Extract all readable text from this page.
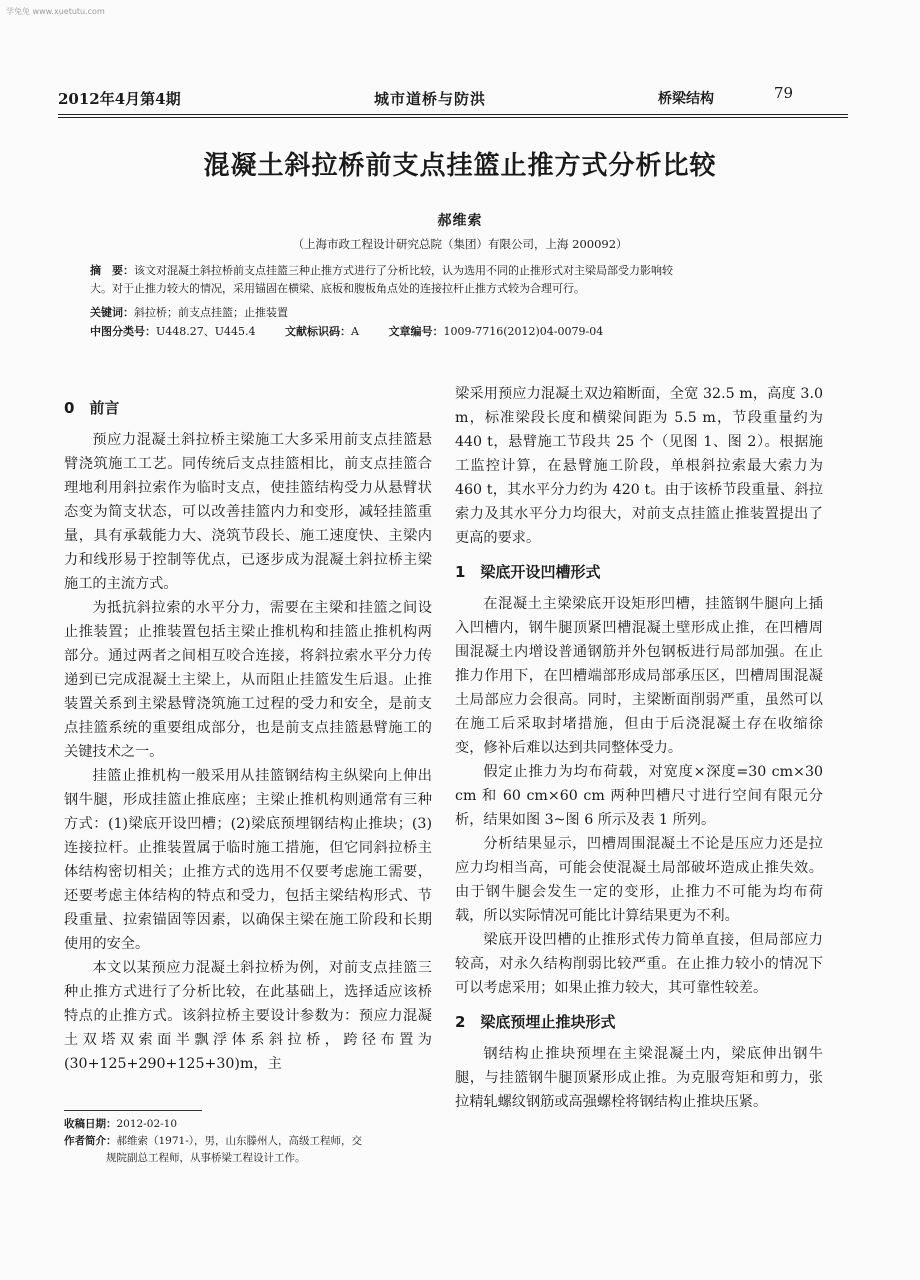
学兔兔 www.xuetutu.com
2012年4月第4期	城市道桥与防洪	桥梁结构	79
混凝土斜拉桥前支点挂篮止推方式分析比较
郝维索
（上海市政工程设计研究总院（集团）有限公司，上海 200092）
摘　要：该文对混凝土斜拉桥前支点挂篮三种止推方式进行了分析比较，认为选用不同的止推形式对主梁局部受力影响较
大。对于止推力较大的情况，采用锚固在横梁、底板和腹板角点处的连接拉杆止推方式较为合理可行。
关键词：斜拉桥；前支点挂篮；止推装置
中图分类号：U448.27、U445.4	文献标识码：A	文章编号：1009-7716(2012)04-0079-04
0　前言

预应力混凝土斜拉桥主梁施工大多采用前支点挂篮悬臂浇筑施工工艺。同传统后支点挂篮相比，前支点挂篮合理地利用斜拉索作为临时支点，使挂篮结构受力从悬臂状态变为简支状态，可以改善挂篮内力和变形，减轻挂篮重量，具有承载能力大、浇筑节段长、施工速度快、主梁内力和线形易于控制等优点，已逐步成为混凝土斜拉桥主梁施工的主流方式。

为抵抗斜拉索的水平分力，需要在主梁和挂篮之间设止推装置；止推装置包括主梁止推机构和挂篮止推机构两部分。通过两者之间相互咬合连接，将斜拉索水平分力传递到已完成混凝土主梁上，从而阻止挂篮发生后退。止推装置关系到主梁悬臂浇筑施工过程的受力和安全，是前支点挂篮系统的重要组成部分，也是前支点挂篮悬臂施工的关键技术之一。

挂篮止推机构一般采用从挂篮钢结构主纵梁向上伸出钢牛腿，形成挂篮止推底座；主梁止推机构则通常有三种方式：(1)梁底开设凹槽；(2)梁底预埋钢结构止推块；(3)连接拉杆。止推装置属于临时施工措施，但它同斜拉桥主体结构密切相关；止推方式的选用不仅要考虑施工需要，还要考虑主体结构的特点和受力，包括主梁结构形式、节段重量、拉索锚固等因素，以确保主梁在施工阶段和长期使用的安全。

本文以某预应力混凝土斜拉桥为例，对前支点挂篮三种止推方式进行了分析比较，在此基础上，选择适应该桥特点的止推方式。该斜拉桥主要设计参数为：预应力混凝土双塔双索面半飘浮体系斜拉桥，跨径布置为(30+125+290+125+30)m，主

梁采用预应力混凝土双边箱断面，全宽 32.5 m，高度 3.0 m，标准梁段长度和横梁间距为 5.5 m，节段重量约为 440 t，悬臂施工节段共 25 个（见图 1、图 2）。根据施工监控计算，在悬臂施工阶段，单根斜拉索最大索力为 460 t，其水平分力约为 420 t。由于该桥节段重量、斜拉索力及其水平分力均很大，对前支点挂篮止推装置提出了更高的要求。

1　梁底开设凹槽形式

在混凝土主梁梁底开设矩形凹槽，挂篮钢牛腿向上插入凹槽内，钢牛腿顶紧凹槽混凝土壁形成止推，在凹槽周围混凝土内增设普通钢筋并外包钢板进行局部加强。在止推力作用下，在凹槽端部形成局部承压区，凹槽周围混凝土局部应力会很高。同时，主梁断面削弱严重，虽然可以在施工后采取封堵措施，但由于后浇混凝土存在收缩徐变，修补后难以达到共同整体受力。

假定止推力为均布荷载，对宽度×深度=30 cm×30 cm 和 60 cm×60 cm 两种凹槽尺寸进行空间有限元分析，结果如图 3~图 6 所示及表 1 所列。

分析结果显示，凹槽周围混凝土不论是压应力还是拉应力均相当高，可能会使混凝土局部破坏造成止推失效。由于钢牛腿会发生一定的变形，止推力不可能为均布荷载，所以实际情况可能比计算结果更为不利。

梁底开设凹槽的止推形式传力简单直接，但局部应力较高，对永久结构削弱比较严重。在止推力较小的情况下可以考虑采用；如果止推力较大，其可靠性较差。

2　梁底预埋止推块形式

钢结构止推块预埋在主梁混凝土内，梁底伸出钢牛腿，与挂篮钢牛腿顶紧形成止推。为克服弯矩和剪力，张拉精轧螺纹钢筋或高强螺栓将钢结构止推块压紧。

收稿日期：2012-02-10

作者简介：郝维索（1971-），男，山东滕州人，高级工程师，交

规院副总工程师，从事桥梁工程设计工作。
